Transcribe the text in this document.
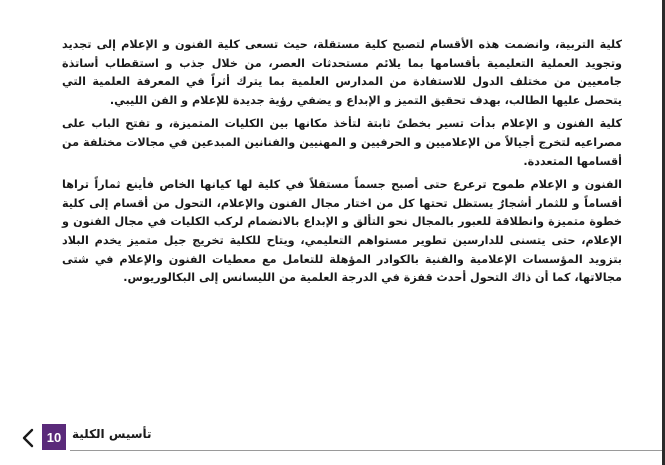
كلية التربية، وانضمت هذه الأقسام لتصبح كلية مستقلة، حيث تسعى كلية الفنون و الإعلام إلى تجديد وتجويد العملية التعليمية بأقسامها بما يلائم مستحدثات العصر، من خلال جذب و استقطاب أساتذة جامعيين من مختلف الدول للاستفادة من المدارس العلمية بما يترك أثراً في المعرفة العلمية التي يتحصل عليها الطالب، بهدف تحقيق التميز و الإبداع و يضفي رؤية جديدة للإعلام و الفن الليبي.

كلية الفنون و الإعلام بدأت تسير بخطىً ثابتة لتأخذ مكانها بين الكليات المتميزة، و تفتح الباب على مصراعيه لتخرج أجيالاً من الإعلاميين و الحرفيين و المهنيين والفنانين المبدعين في مجالات مختلفة من أقسامها المتعددة.

الفنون و الإعلام طموح ترعرع حتى أصبح جسماً مستقلاً في كلية لها كيانها الخاص فأينع ثماراً تراها أقساماً و للثمار أشجارٌ يستظل تحتها كل من اختار مجال الفنون والإعلام، التحول من أقسام إلى كلية خطوة متميزة وانطلاقة للعبور بالمجال نحو التألق و الإبداع بالانضمام لركب الكليات في مجال الفنون و الإعلام، حتى يتسنى للدارسين تطوير مستواهم التعليمي، ويتاح للكلية تخريج جيل متميز يخدم البلاد بتزويد المؤسسات الإعلامية والفنية بالكوادر المؤهلة للتعامل مع معطيات الفنون والإعلام في شتى مجالاتها، كما أن ذاك التحول أحدث قفزة في الدرجة العلمية من الليسانس إلى البكالوريوس.

10 تأسيس الكلية
